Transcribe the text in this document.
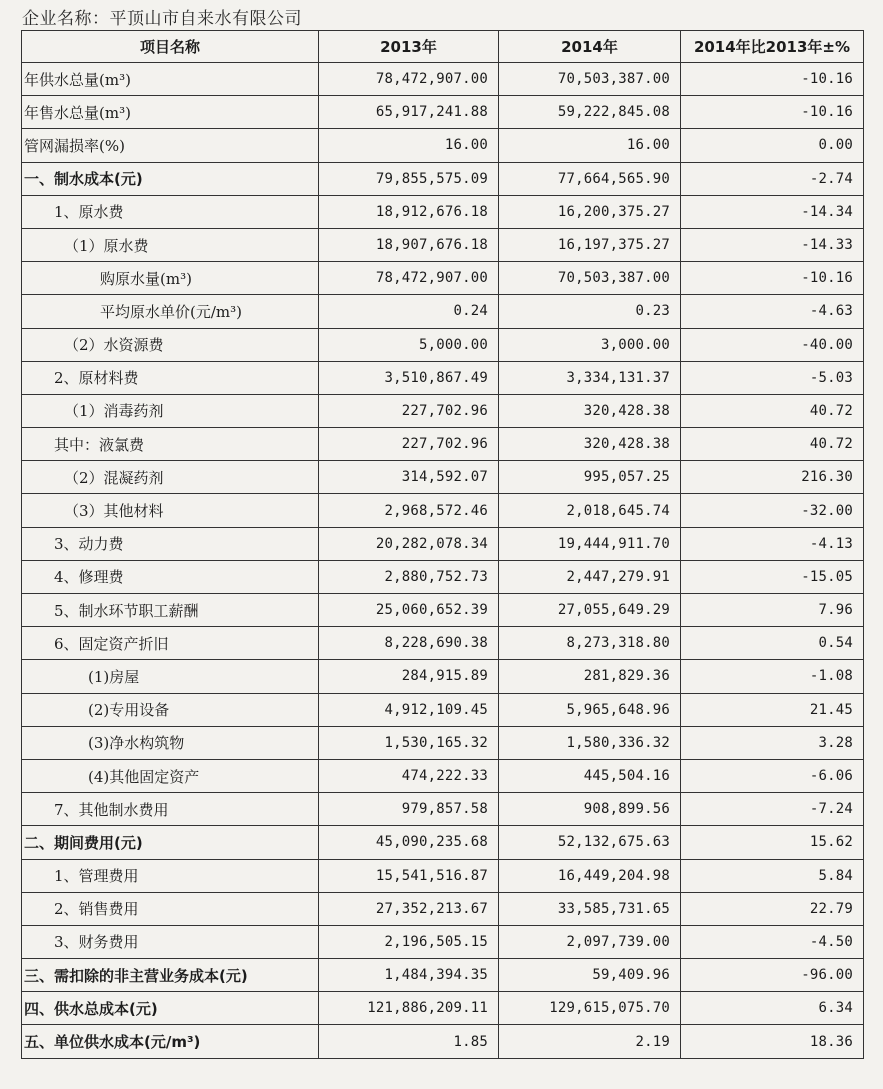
企业名称：平顶山市自来水有限公司
项目名称	2013年	2014年	2014年比2013年±%
年供水总量(m³)	78,472,907.00	70,503,387.00	-10.16
年售水总量(m³)	65,917,241.88	59,222,845.08	-10.16
管网漏损率(%)	16.00	16.00	0.00
一、制水成本(元)	79,855,575.09	77,664,565.90	-2.74
1、原水费	18,912,676.18	16,200,375.27	-14.34
（1）原水费	18,907,676.18	16,197,375.27	-14.33
购原水量(m³)	78,472,907.00	70,503,387.00	-10.16
平均原水单价(元/m³)	0.24	0.23	-4.63
（2）水资源费	5,000.00	3,000.00	-40.00
2、原材料费	3,510,867.49	3,334,131.37	-5.03
（1）消毒药剂	227,702.96	320,428.38	40.72
其中：液氯费	227,702.96	320,428.38	40.72
（2）混凝药剂	314,592.07	995,057.25	216.30
（3）其他材料	2,968,572.46	2,018,645.74	-32.00
3、动力费	20,282,078.34	19,444,911.70	-4.13
4、修理费	2,880,752.73	2,447,279.91	-15.05
5、制水环节职工薪酬	25,060,652.39	27,055,649.29	7.96
6、固定资产折旧	8,228,690.38	8,273,318.80	0.54
(1)房屋	284,915.89	281,829.36	-1.08
(2)专用设备	4,912,109.45	5,965,648.96	21.45
(3)净水构筑物	1,530,165.32	1,580,336.32	3.28
(4)其他固定资产	474,222.33	445,504.16	-6.06
7、其他制水费用	979,857.58	908,899.56	-7.24
二、期间费用(元)	45,090,235.68	52,132,675.63	15.62
1、管理费用	15,541,516.87	16,449,204.98	5.84
2、销售费用	27,352,213.67	33,585,731.65	22.79
3、财务费用	2,196,505.15	2,097,739.00	-4.50
三、需扣除的非主营业务成本(元)	1,484,394.35	59,409.96	-96.00
四、供水总成本(元)	121,886,209.11	129,615,075.70	6.34
五、单位供水成本(元/m³)	1.85	2.19	18.36
